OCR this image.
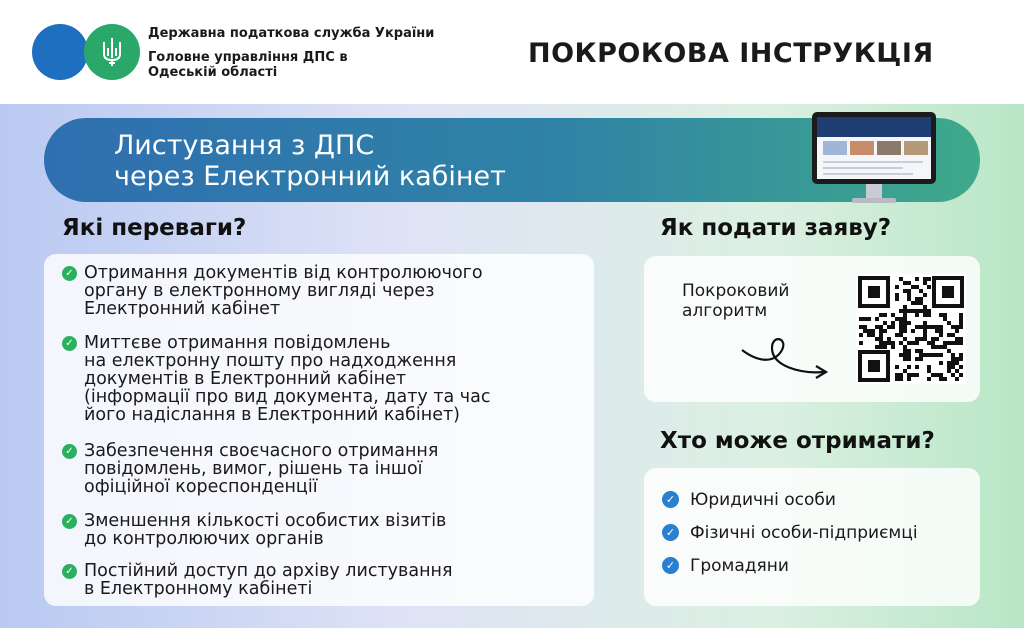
Державна податкова служба України
Головне управління ДПС в Одеській області
ПОКРОКОВА ІНСТРУКЦІЯ
Листування з ДПС
через Електронний кабінет
Які переваги?	Як подати заяву?
Хто може отримати?
✓ Отримання документів від контролюючого
органу в електронному вигляді через
Електронний кабінет
✓ Миттєве отримання повідомлень
на електронну пошту про надходження
документів в Електронний кабінет
(інформації про вид документа, дату та час
його надіслання в Електронний кабінет)
✓ Забезпечення своєчасного отримання
повідомлень, вимог, рішень та іншої
офіційної кореспонденції
✓ Зменшення кількості особистих візитів
до контролюючих органів
✓ Постійний доступ до архіву листування
в Електронному кабінеті
Покроковий
алгоритм
✓ Юридичні особи
✓ Фізичні особи-підприємці
✓ Громадяни
